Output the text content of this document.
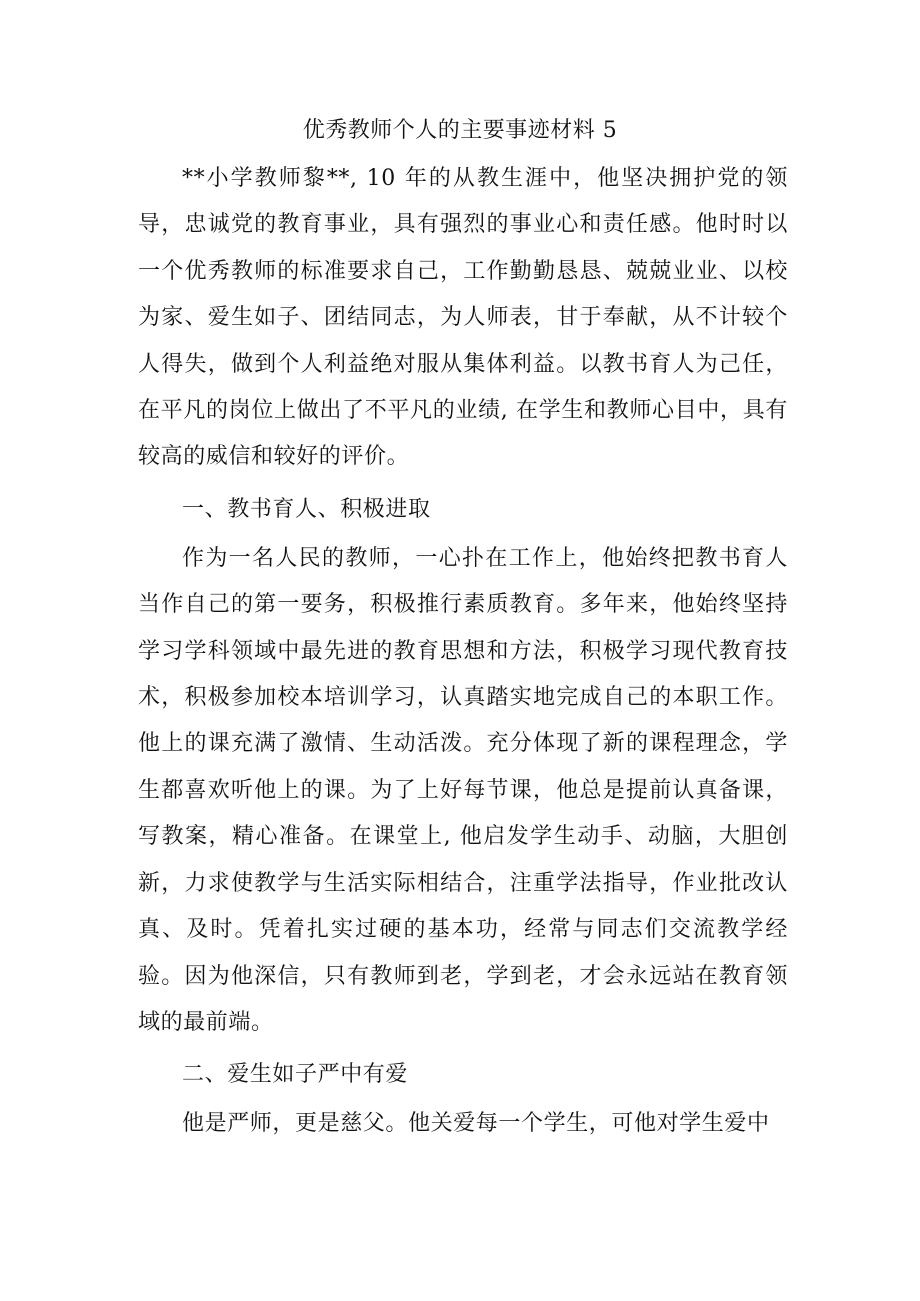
优秀教师个人的主要事迹材料 5

**小学教师黎**, 10 年的从教生涯中，他坚决拥护党的领导，忠诚党的教育事业，具有强烈的事业心和责任感。他时时以一个优秀教师的标准要求自己，工作勤勤恳恳、兢兢业业、以校为家、爱生如子、团结同志，为人师表，甘于奉献，从不计较个人得失，做到个人利益绝对服从集体利益。以教书育人为己任，在平凡的岗位上做出了不平凡的业绩, 在学生和教师心目中，具有较高的威信和较好的评价。

一、教书育人、积极进取

作为一名人民的教师，一心扑在工作上，他始终把教书育人当作自己的第一要务，积极推行素质教育。多年来，他始终坚持学习学科领域中最先进的教育思想和方法，积极学习现代教育技术，积极参加校本培训学习，认真踏实地完成自己的本职工作。他上的课充满了激情、生动活泼。充分体现了新的课程理念，学生都喜欢听他上的课。为了上好每节课，他总是提前认真备课，写教案，精心准备。在课堂上, 他启发学生动手、动脑，大胆创新，力求使教学与生活实际相结合，注重学法指导，作业批改认真、及时。凭着扎实过硬的基本功，经常与同志们交流教学经验。因为他深信，只有教师到老，学到老，才会永远站在教育领域的最前端。

二、爱生如子严中有爱

他是严师，更是慈父。他关爱每一个学生，可他对学生爱中
